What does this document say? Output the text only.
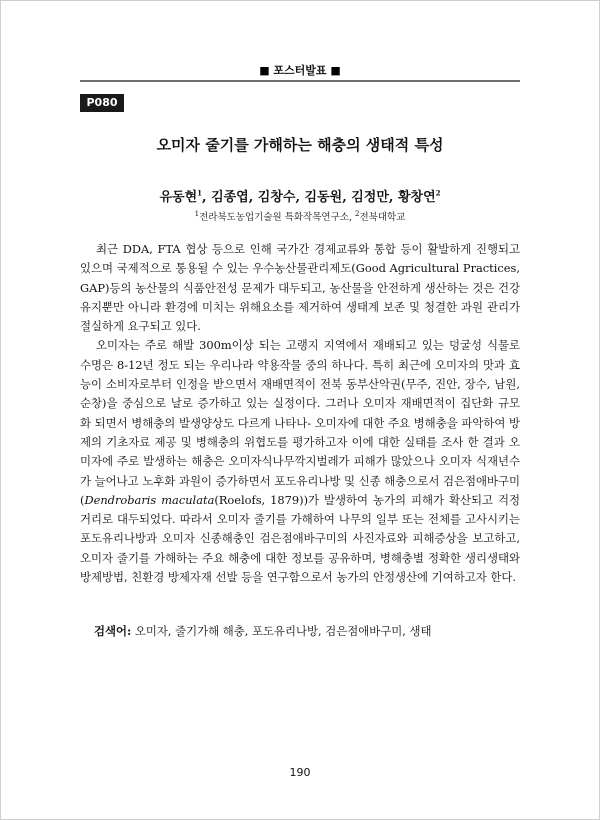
■ 포스터발표 ■
P080
오미자 줄기를 가해하는 해충의 생태적 특성
유동현$^1$, 김종엽, 김창수, 김동원, 김정만, 황창연$^2$
$^1$전라북도농업기술원 특화작목연구소, $^2$전북대학교

최근 DDA, FTA 협상 등으로 인해 국가간 경제교류와 통합 등이 활발하게 진행되고 있으며 국제적으로 통용될 수 있는 우수농산물관리제도(Good Agricultural Practices, GAP)등의 농산물의 식품안전성 문제가 대두되고, 농산물을 안전하게 생산하는 것은 건강 유지뿐만 아니라 환경에 미치는 위해요소를 제거하여 생태계 보존 및 청결한 과원 관리가 절실하게 요구되고 있다.

오미자는 주로 해발 300m이상 되는 고랭지 지역에서 재배되고 있는 덩굴성 식물로 수명은 8-12년 정도 되는 우리나라 약용작물 중의 하나다. 특히 최근에 오미자의 맛과 효능이 소비자로부터 인정을 받으면서 재배면적이 전북 동부산악권(무주, 진안, 장수, 남원, 순창)을 중심으로 날로 증가하고 있는 실정이다. 그러나 오미자 재배면적이 집단화 규모화 되면서 병해충의 발생양상도 다르게 나타나- 오미자에 대한 주요 병해충을 파악하여 방제의 기초자료 제공 및 병해충의 위협도를 평가하고자 이에 대한 실태를 조사 한 결과 오미자에 주로 발생하는 해충은 오미자식나무깍지벌레가 피해가 많았으나 오미자 식재년수가 늘어나고 노후화 과원이 증가하면서 포도유리나방 및 신종 해충으로서 검은점애바구미(Dendrobaris maculata(Roelofs, 1879))가 발생하여 농가의 피해가 확산되고 걱정거리로 대두되었다. 따라서 오미자 줄기를 가해하여 나무의 일부 또는 전체를 고사시키는 포도유리나방과 오미자 신종해충인 검은점애바구미의 사진자료와 피해증상을 보고하고, 오미자 줄기를 가해하는 주요 해충에 대한 정보를 공유하며, 병해충별 정확한 생리생태와 방제방법, 친환경 방제자재 선발 등을 연구함으로서 농가의 안정생산에 기여하고자 한다.

검색어: 오미자, 줄기가해 해충, 포도유리나방, 검은점애바구미, 생태
190
